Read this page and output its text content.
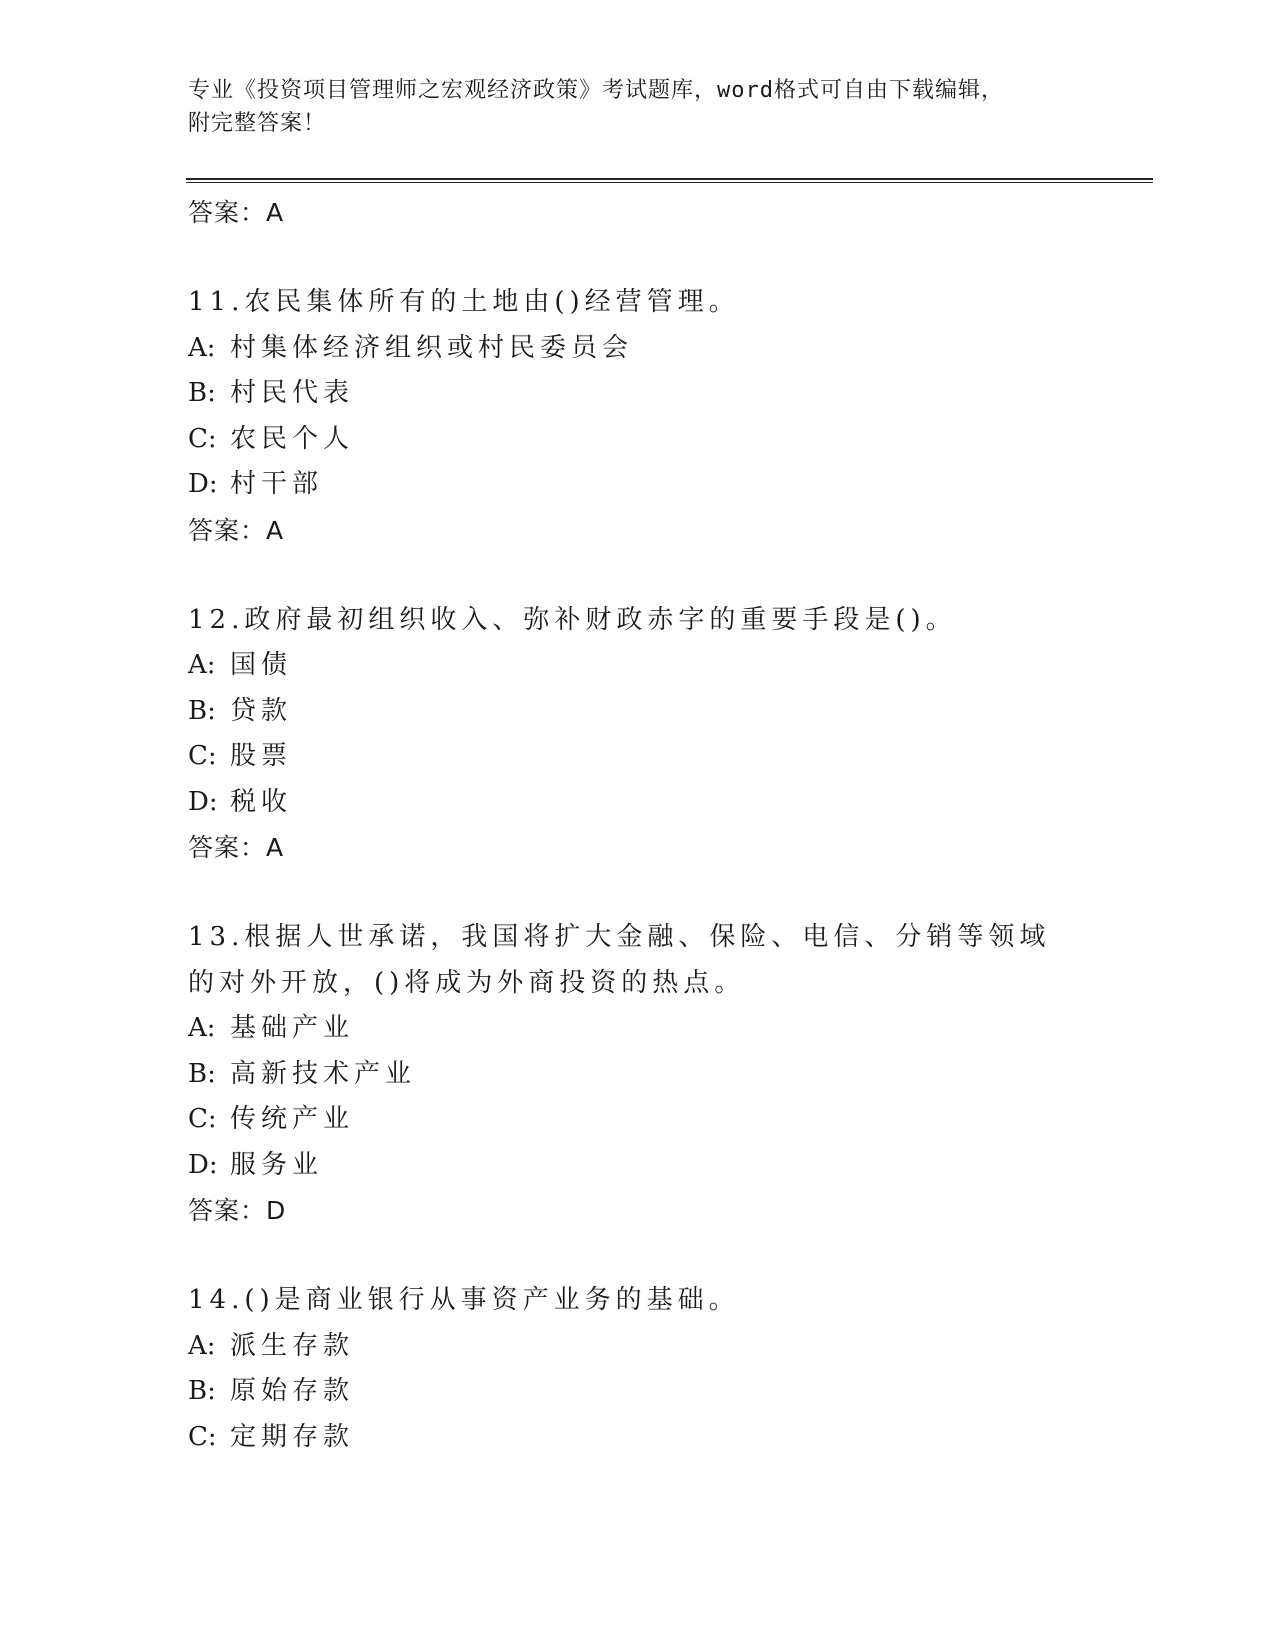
专业《投资项目管理师之宏观经济政策》考试题库，word格式可自由下载编辑，
附完整答案！
答案：A
11.农民集体所有的土地由()经营管理。
A: 村集体经济组织或村民委员会
B: 村民代表
C: 农民个人
D: 村干部
答案：A
12.政府最初组织收入、弥补财政赤字的重要手段是()。
A: 国债
B: 贷款
C: 股票
D: 税收
答案：A
13.根据人世承诺，我国将扩大金融、保险、电信、分销等领域的对外开放，()将成为外商投资的热点。
A: 基础产业
B: 高新技术产业
C: 传统产业
D: 服务业
答案：D
14.()是商业银行从事资产业务的基础。
A: 派生存款
B: 原始存款
C: 定期存款
